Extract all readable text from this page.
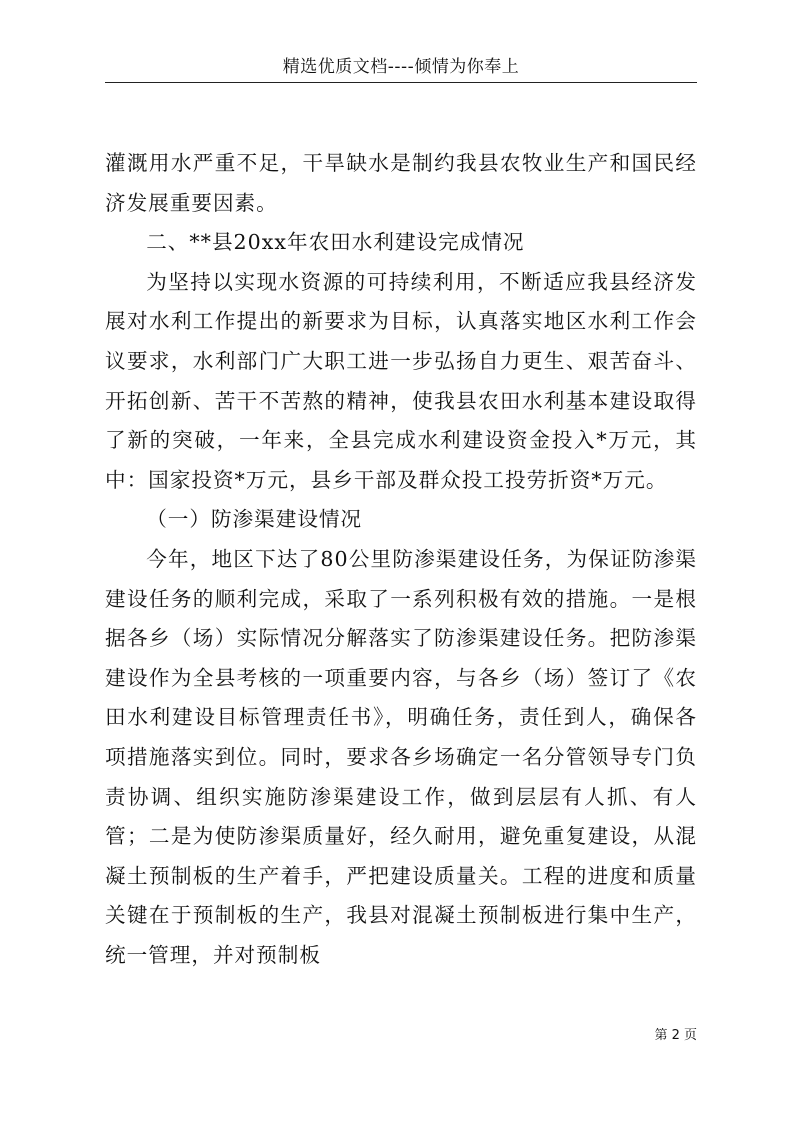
精选优质文档----倾情为你奉上

灌溉用水严重不足，干旱缺水是制约我县农牧业生产和国民经济发展重要因素。

二、**县20xx年农田水利建设完成情况

为坚持以实现水资源的可持续利用，不断适应我县经济发展对水利工作提出的新要求为目标，认真落实地区水利工作会议要求，水利部门广大职工进一步弘扬自力更生、艰苦奋斗、开拓创新、苦干不苦熬的精神，使我县农田水利基本建设取得了新的突破，一年来，全县完成水利建设资金投入*万元，其中：国家投资*万元，县乡干部及群众投工投劳折资*万元。

（一）防渗渠建设情况

今年，地区下达了80公里防渗渠建设任务，为保证防渗渠建设任务的顺利完成，采取了一系列积极有效的措施。一是根据各乡（场）实际情况分解落实了防渗渠建设任务。把防渗渠建设作为全县考核的一项重要内容，与各乡（场）签订了《农田水利建设目标管理责任书》，明确任务，责任到人，确保各项措施落实到位。同时，要求各乡场确定一名分管领导专门负责协调、组织实施防渗渠建设工作，做到层层有人抓、有人管；二是为使防渗渠质量好，经久耐用，避免重复建设，从混凝土预制板的生产着手，严把建设质量关。工程的进度和质量关键在于预制板的生产，我县对混凝土预制板进行集中生产，统一管理，并对预制板

第 2 页
